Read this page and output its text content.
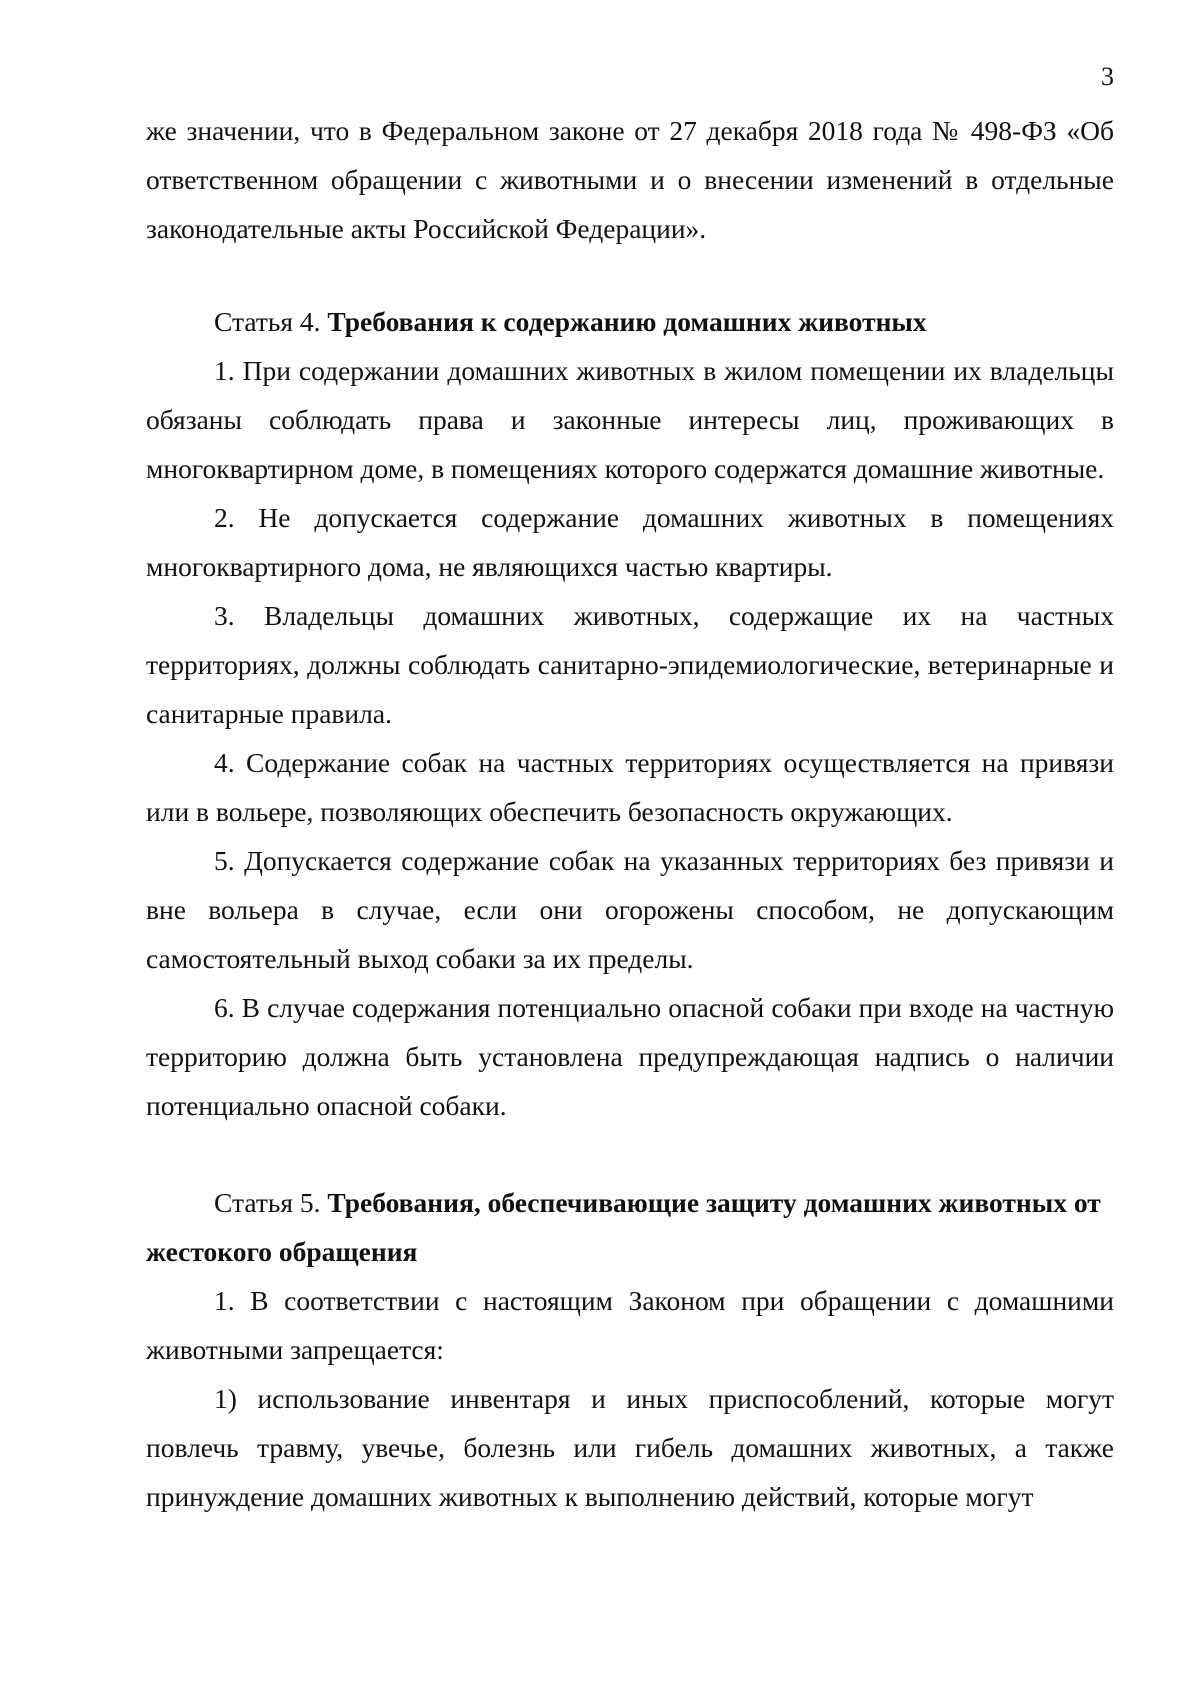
3

же значении, что в Федеральном законе от 27 декабря 2018 года № 498-ФЗ «Об ответственном обращении с животными и о внесении изменений в отдельные законодательные акты Российской Федерации».

Статья 4. Требования к содержанию домашних животных

1. При содержании домашних животных в жилом помещении их владельцы обязаны соблюдать права и законные интересы лиц, проживающих в многоквартирном доме, в помещениях которого содержатся домашние животные.

2. Не допускается содержание домашних животных в помещениях многоквартирного дома, не являющихся частью квартиры.

3. Владельцы домашних животных, содержащие их на частных территориях, должны соблюдать санитарно-эпидемиологические, ветеринарные и санитарные правила.

4. Содержание собак на частных территориях осуществляется на привязи или в вольере, позволяющих обеспечить безопасность окружающих.

5. Допускается содержание собак на указанных территориях без привязи и вне вольера в случае, если они огорожены способом, не допускающим самостоятельный выход собаки за их пределы.

6. В случае содержания потенциально опасной собаки при входе на частную территорию должна быть установлена предупреждающая надпись о наличии потенциально опасной собаки.

Статья 5. Требования, обеспечивающие защиту домашних животных от жестокого обращения

1. В соответствии с настоящим Законом при обращении с домашними животными запрещается:

1) использование инвентаря и иных приспособлений, которые могут повлечь травму, увечье, болезнь или гибель домашних животных, а также принуждение домашних животных к выполнению действий, которые могут
